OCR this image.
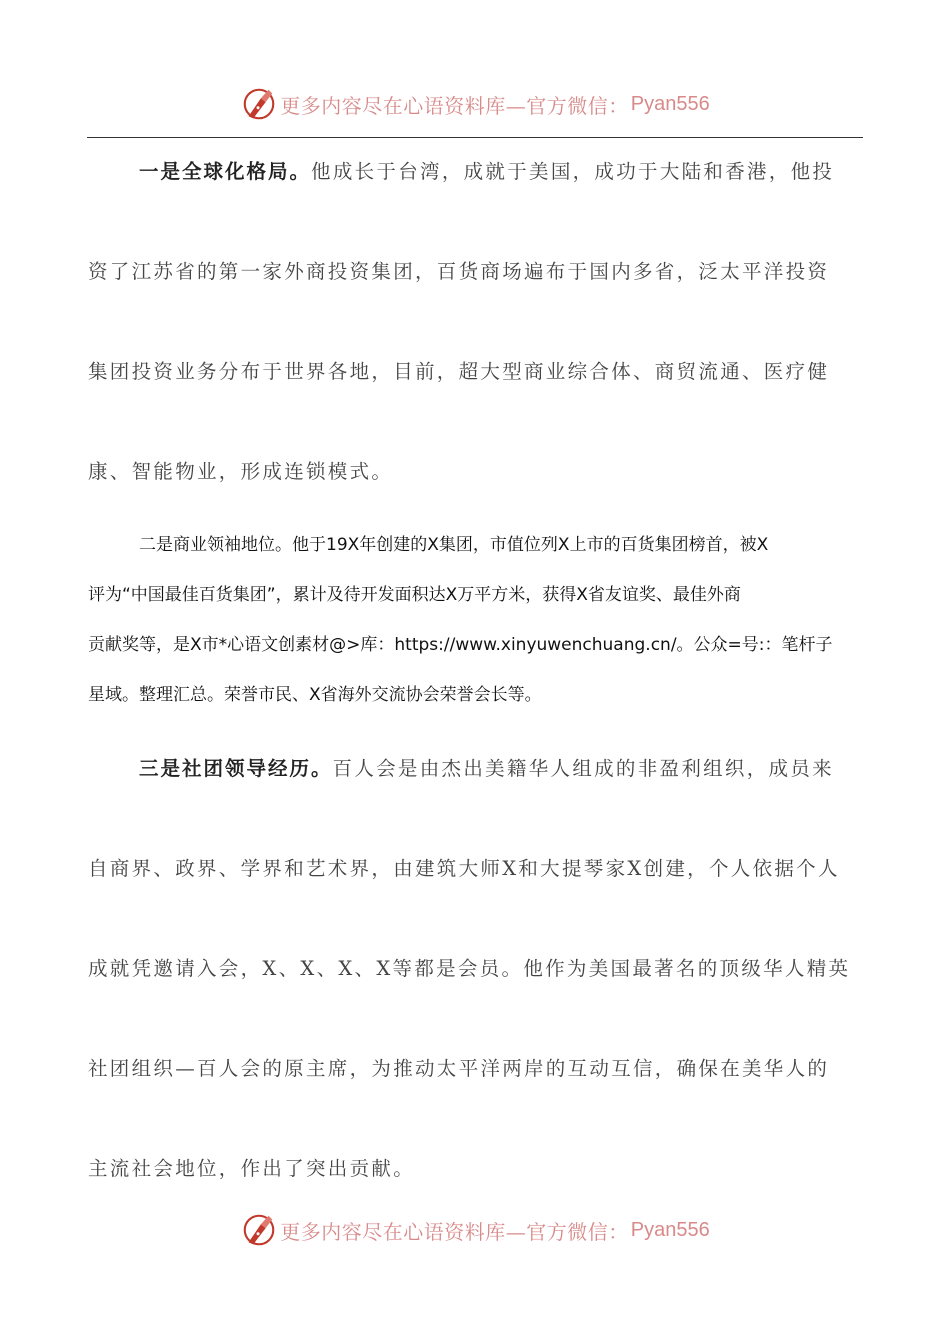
更多内容尽在心语资料库—官方微信： Pyan556

一是全球化格局。他成长于台湾，成就于美国，成功于大陆和香港，他投
资了江苏省的第一家外商投资集团，百货商场遍布于国内多省，泛太平洋投资
集团投资业务分布于世界各地，目前，超大型商业综合体、商贸流通、医疗健
康、智能物业，形成连锁模式。

二是商业领袖地位。他于19X年创建的X集团，市值位列X上市的百货集团榜首，被X
评为“中国最佳百货集团”，累计及待开发面积达X万平方米，获得X省友谊奖、最佳外商
贡献奖等，是X市*心语文创素材@>库：https://www.xinyuwenchuang.cn/。公众=号:：笔杆子
星域。整理汇总。荣誉市民、X省海外交流协会荣誉会长等。

三是社团领导经历。百人会是由杰出美籍华人组成的非盈利组织，成员来
自商界、政界、学界和艺术界，由建筑大师X和大提琴家X创建，个人依据个人
成就凭邀请入会，X、X、X、X等都是会员。他作为美国最著名的顶级华人精英
社团组织—百人会的原主席，为推动太平洋两岸的互动互信，确保在美华人的
主流社会地位，作出了突出贡献。

更多内容尽在心语资料库—官方微信： Pyan556
